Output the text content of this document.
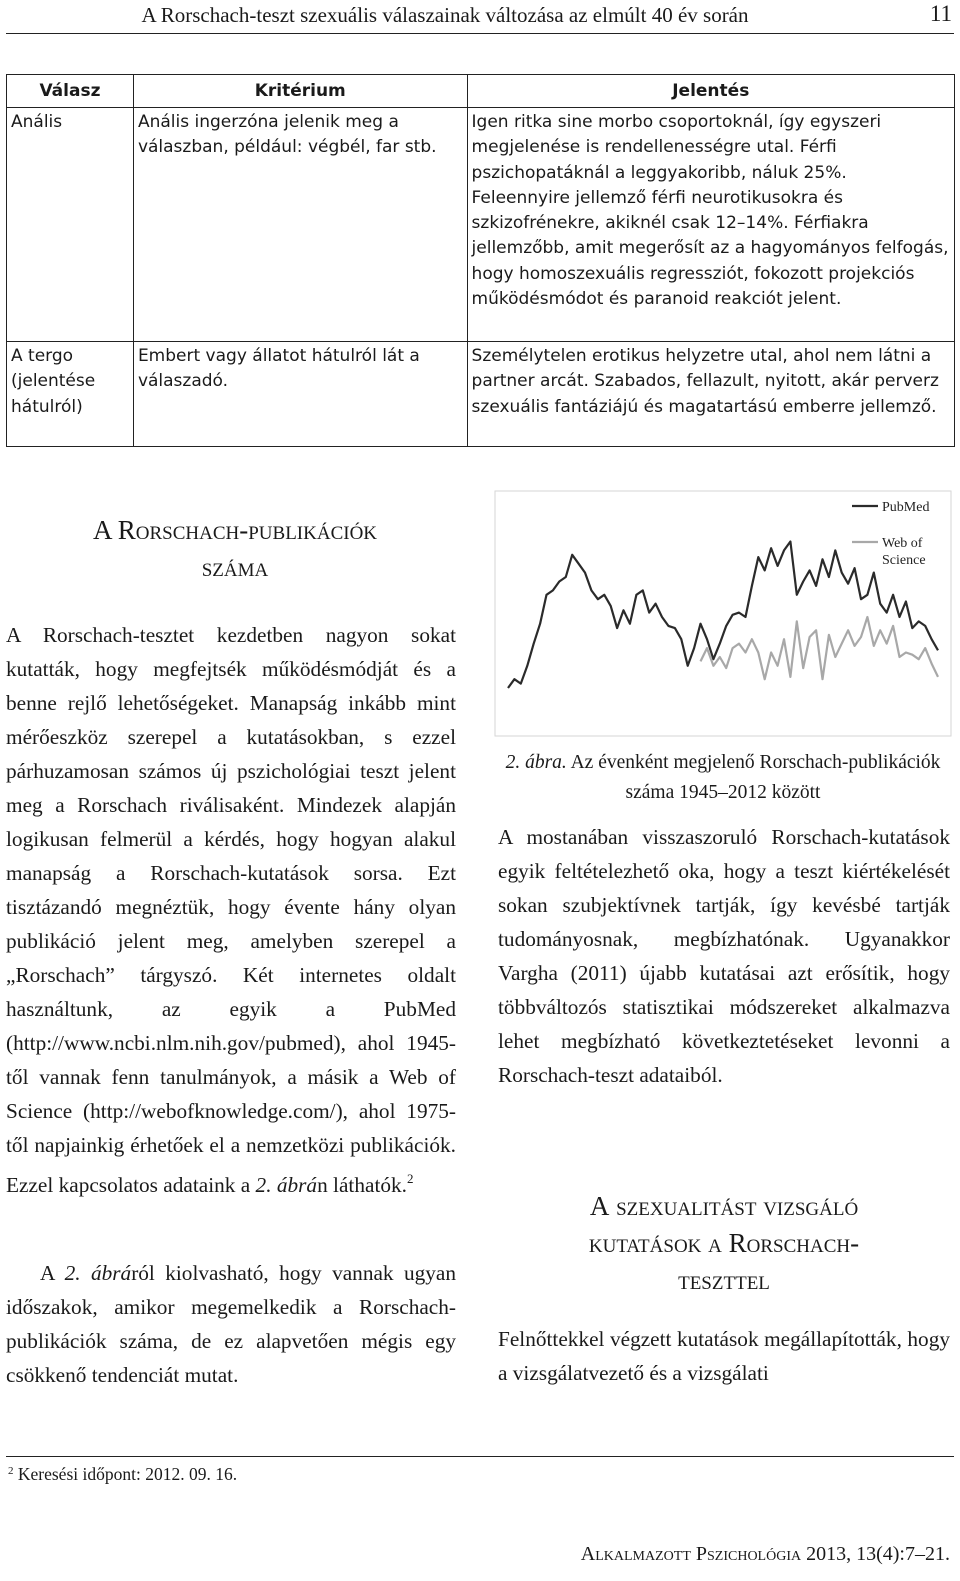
A Rorschach-teszt szexuális válaszainak változása az elmúlt 40 év során	11
Válasz	Kritérium	Jelentés
Anális	Anális ingerzóna jelenik meg a válaszban, például: végbél, far stb.	Igen ritka sine morbo csoportoknál, így egyszeri megjelenése is rendellenességre utal. Férfi pszichopatáknál a leggyakoribb, náluk 25%. Feleennyire jellemző férfi neurotikusokra és szkizofrénekre, akiknél csak 12–14%. Férfiakra jellemzőbb, amit megerősít az a hagyományos felfogás, hogy homoszexuális regressziót, fokozott projekciós működésmódot és paranoid reakciót jelent.
A tergo (jelentése hátulról)	Embert vagy állatot hátulról lát a válaszadó.	Személytelen erotikus helyzetre utal, ahol nem látni a partner arcát. Szabados, fellazult, nyitott, akár perverz szexuális fantáziájú és magatartású emberre jellemző.
A Rorschach-publikációk
száma

A Rorschach-tesztet kezdetben nagyon sokat kutatták, hogy megfejtsék működésmódját és a benne rejlő lehetőségeket. Manapság inkább mint mérőeszköz szerepel a kutatásokban, s ezzel párhuzamosan számos új pszichológiai teszt jelent meg a Rorschach riválisaként. Mindezek alapján logikusan felmerül a kérdés, hogy hogyan alakul manapság a Rorschach-kutatások sorsa. Ezt tisztázandó megnéztük, hogy évente hány olyan publikáció jelent meg, amelyben szerepel a „Rorschach” tárgyszó. Két internetes oldalt használtunk, az egyik a PubMed (http://www.ncbi.nlm.nih.gov/pubmed), ahol 1945-től vannak fenn tanulmányok, a másik a Web of Science (http://webofknowledge.com/), ahol 1975-től napjainkig érhetőek el a nemzetközi publikációk. Ezzel kapcsolatos adataink a 2. ábrán láthatók.$^2$

A 2. ábráról kiolvasható, hogy vannak ugyan időszakok, amikor megemelkedik a Rorschach-publikációk száma, de ez alapvetően mégis egy csökkenő tendenciát mutat.

PubMed
Web of Science

2. ábra. Az évenként megjelenő Rorschach-publikációk száma 1945–2012 között

A mostanában visszaszoruló Rorschach-kutatások egyik feltételezhető oka, hogy a teszt kiértékelését sokan szubjektívnek tartják, így kevésbé tartják tudományosnak, megbízhatónak. Ugyanakkor Vargha (2011) újabb kutatásai azt erősítik, hogy többváltozós statisztikai módszereket alkalmazva lehet megbízható következtetéseket levonni a Rorschach-teszt adataiból.

A szexualitást vizsgáló
kutatások a Rorschach-
teszttel

Felnőttekkel végzett kutatások megállapították, hogy a vizsgálatvezető és a vizsgálati

$^2$ Keresési időpont: 2012. 09. 16.
Alkalmazott Pszichológia 2013, 13(4):7–21.
